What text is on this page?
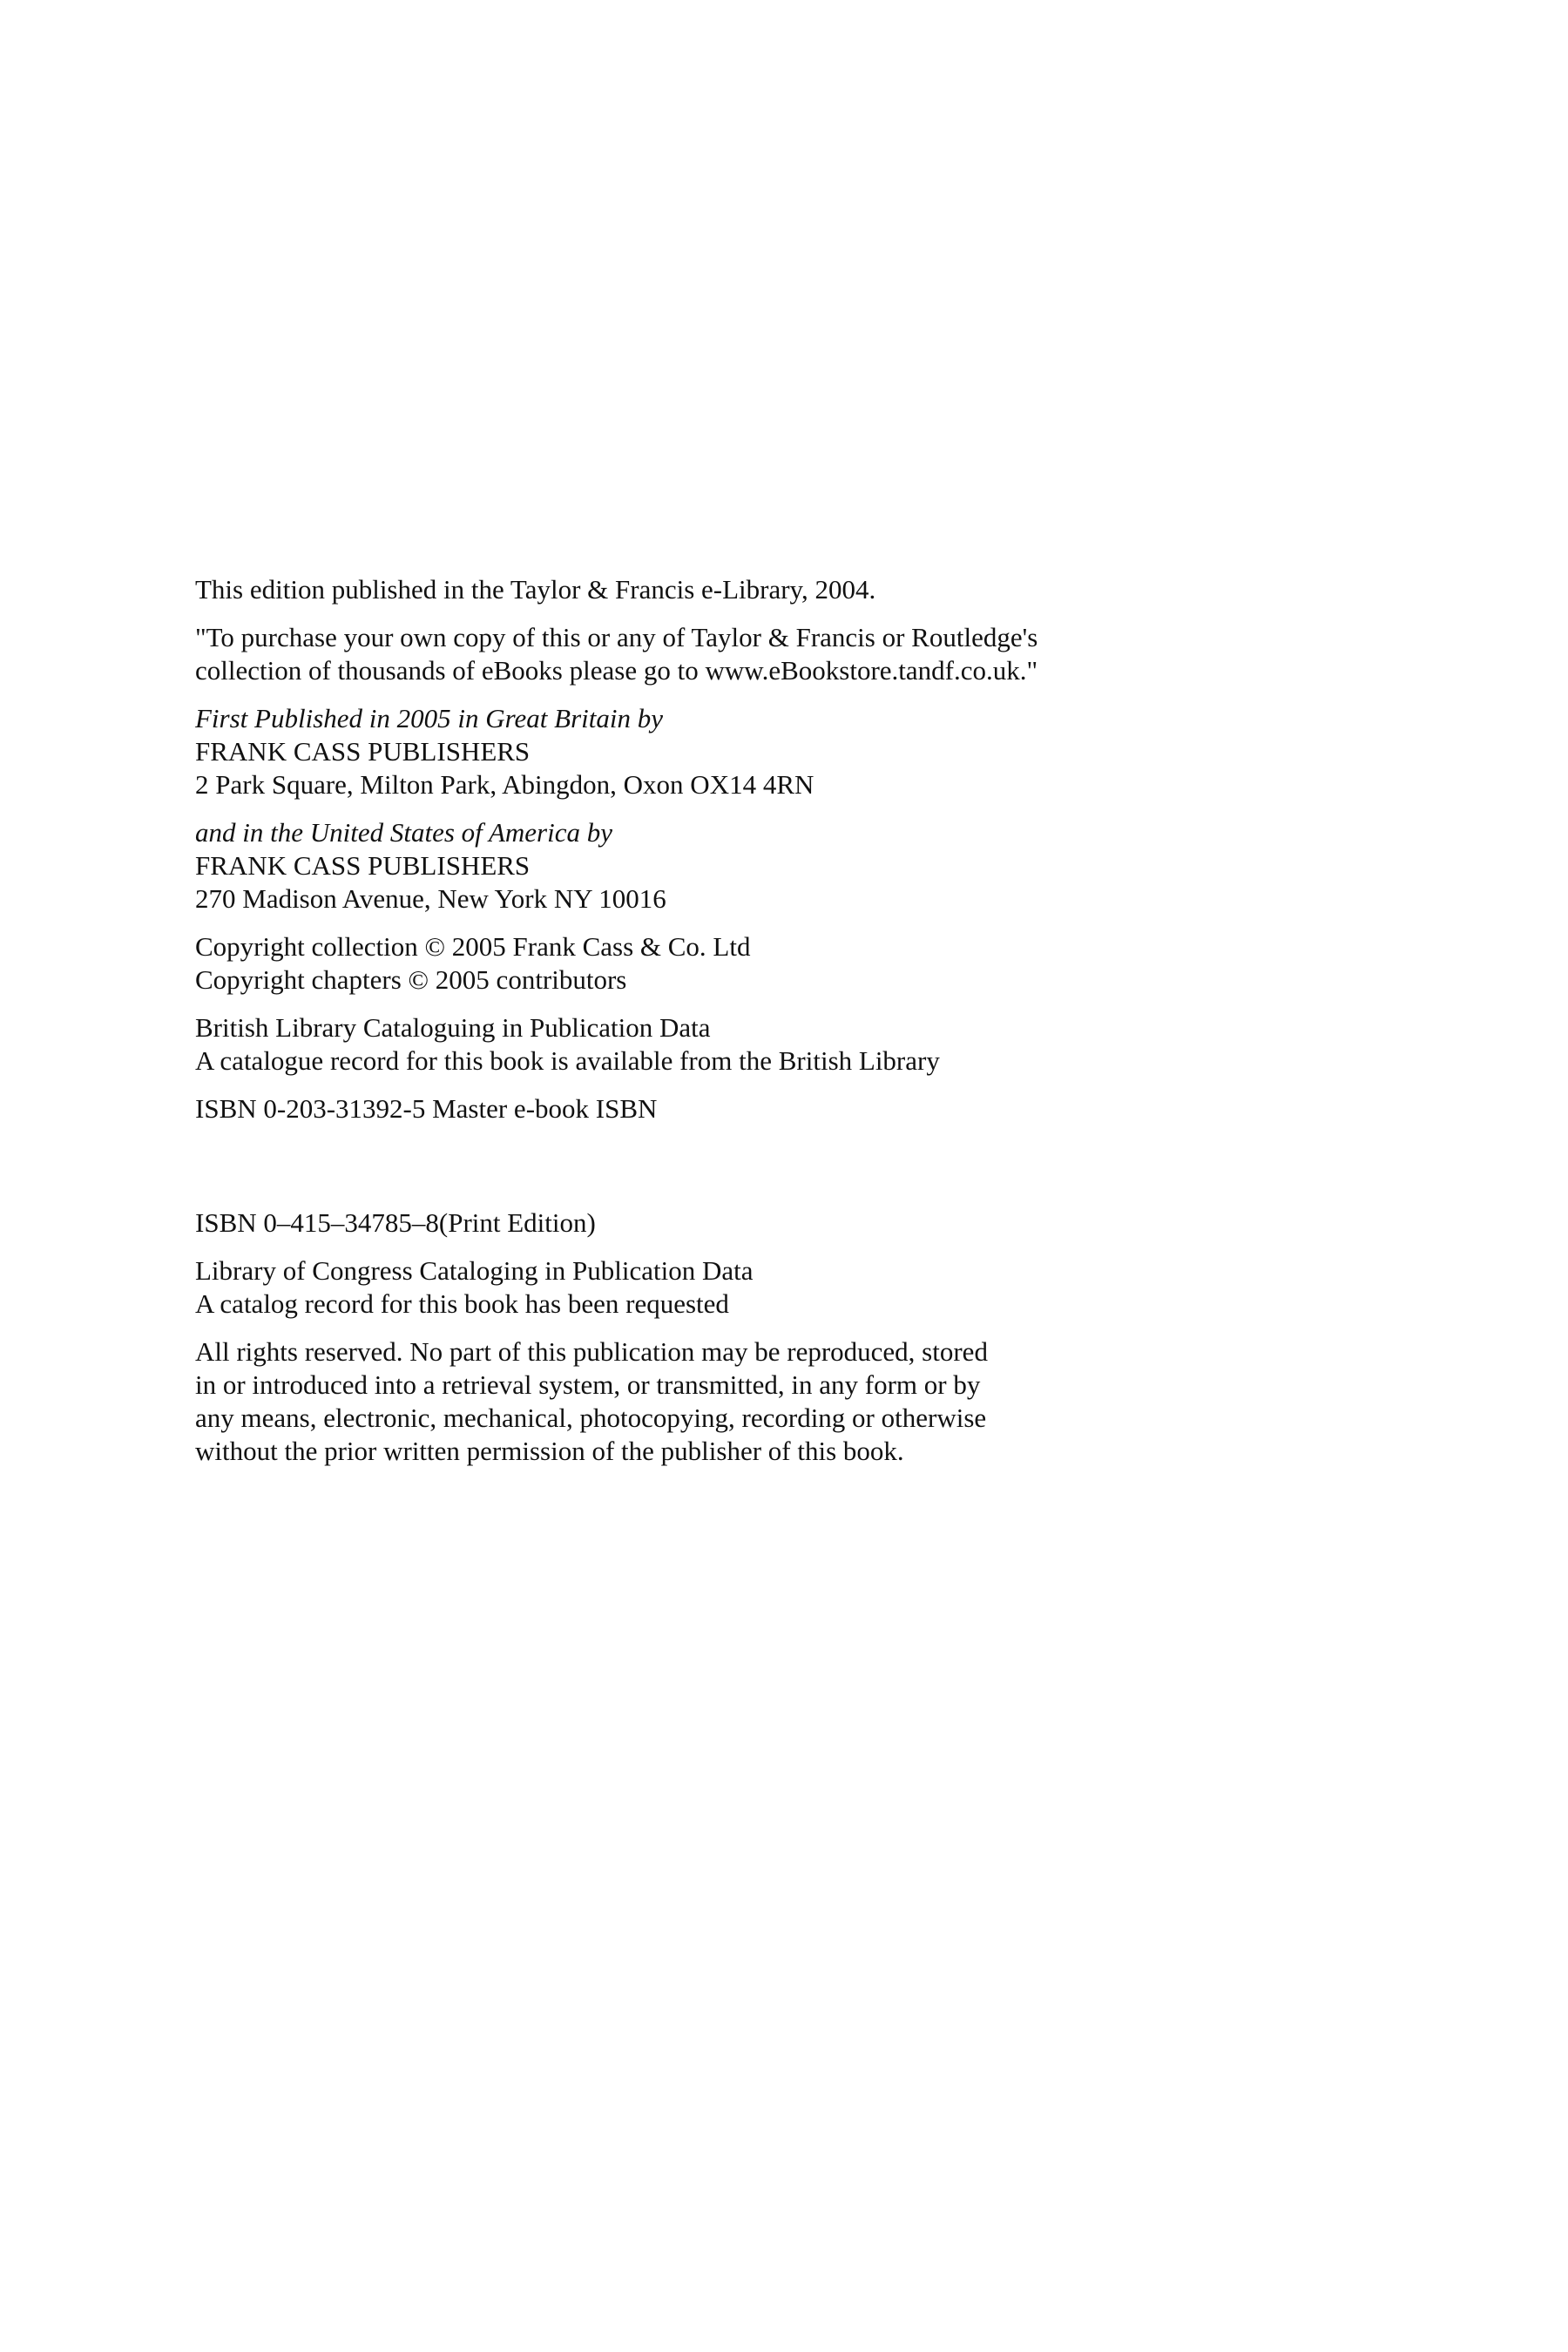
This edition published in the Taylor & Francis e-Library, 2004.
"To purchase your own copy of this or any of Taylor & Francis or Routledge's
collection of thousands of eBooks please go to www.eBookstore.tandf.co.uk."
First Published in 2005 in Great Britain by
FRANK CASS PUBLISHERS
2 Park Square, Milton Park, Abingdon, Oxon OX14 4RN
and in the United States of America by
FRANK CASS PUBLISHERS
270 Madison Avenue, New York NY 10016
Copyright collection © 2005 Frank Cass & Co. Ltd
Copyright chapters © 2005 contributors
British Library Cataloguing in Publication Data
A catalogue record for this book is available from the British Library
ISBN 0-203-31392-5 Master e-book ISBN
ISBN 0–415–34785–8(Print Edition)
Library of Congress Cataloging in Publication Data
A catalog record for this book has been requested
All rights reserved. No part of this publication may be reproduced, stored
in or introduced into a retrieval system, or transmitted, in any form or by
any means, electronic, mechanical, photocopying, recording or otherwise
without the prior written permission of the publisher of this book.
